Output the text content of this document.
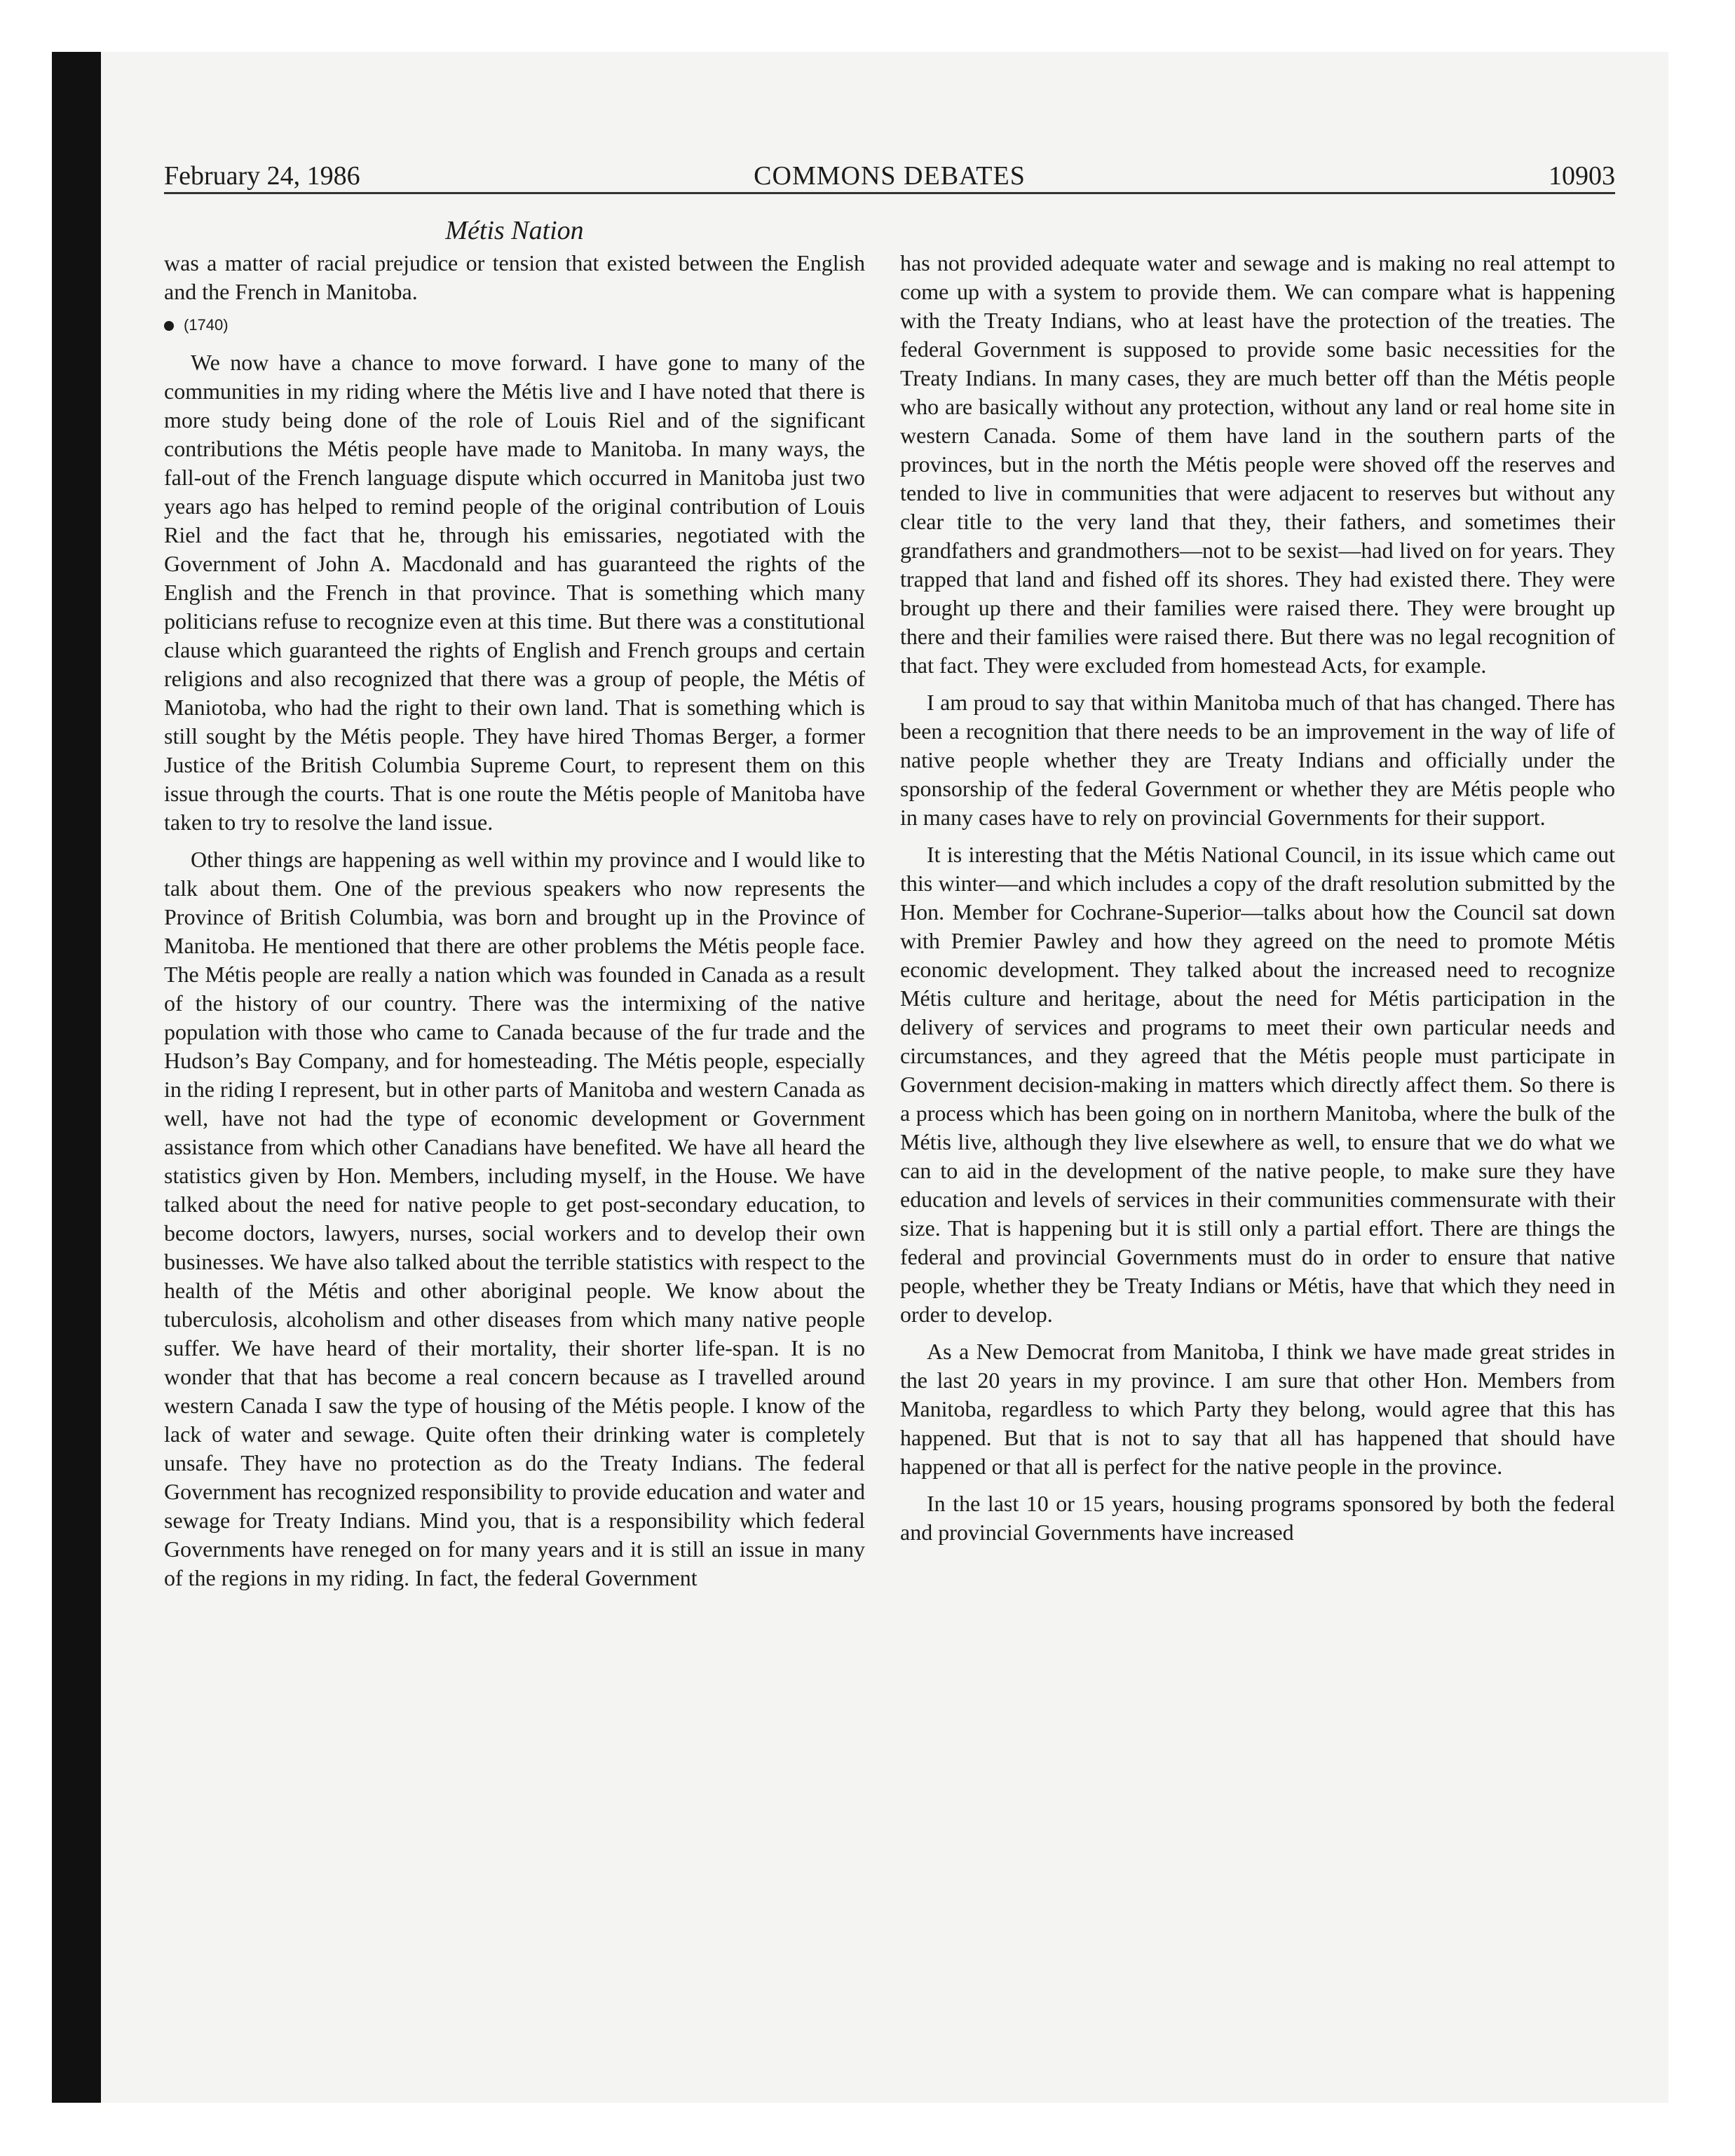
COMMONS DEBATES
February 24, 1986	10903
Métis Nation

was a matter of racial prejudice or tension that existed between the English and the French in Manitoba.

(1740)

We now have a chance to move forward. I have gone to many of the communities in my riding where the Métis live and I have noted that there is more study being done of the role of Louis Riel and of the significant contributions the Métis people have made to Manitoba. In many ways, the fall-out of the French language dispute which occurred in Manitoba just two years ago has helped to remind people of the original contribution of Louis Riel and the fact that he, through his emissaries, negotiated with the Government of John A. Macdonald and has guaranteed the rights of the English and the French in that province. That is something which many politicians refuse to recognize even at this time. But there was a constitutional clause which guaranteed the rights of English and French groups and certain religions and also recognized that there was a group of people, the Métis of Maniotoba, who had the right to their own land. That is something which is still sought by the Métis people. They have hired Thomas Berger, a former Justice of the British Columbia Supreme Court, to represent them on this issue through the courts. That is one route the Métis people of Manitoba have taken to try to resolve the land issue.

Other things are happening as well within my province and I would like to talk about them. One of the previous speakers who now represents the Province of British Columbia, was born and brought up in the Province of Manitoba. He mentioned that there are other problems the Métis people face. The Métis people are really a nation which was founded in Canada as a result of the history of our country. There was the intermixing of the native population with those who came to Canada because of the fur trade and the Hudson’s Bay Company, and for homesteading. The Métis people, especially in the riding I represent, but in other parts of Manitoba and western Canada as well, have not had the type of economic development or Government assistance from which other Canadians have benefited. We have all heard the statistics given by Hon. Members, including myself, in the House. We have talked about the need for native people to get post-secondary education, to become doctors, lawyers, nurses, social workers and to develop their own businesses. We have also talked about the terrible statistics with respect to the health of the Métis and other aboriginal people. We know about the tuberculosis, alcoholism and other diseases from which many native people suffer. We have heard of their mortality, their shorter life-span. It is no wonder that that has become a real concern because as I travelled around western Canada I saw the type of housing of the Métis people. I know of the lack of water and sewage. Quite often their drinking water is completely unsafe. They have no protection as do the Treaty Indians. The federal Government has recognized responsibility to provide education and water and sewage for Treaty Indians. Mind you, that is a responsibility which federal Governments have reneged on for many years and it is still an issue in many of the regions in my riding. In fact, the federal Government

has not provided adequate water and sewage and is making no real attempt to come up with a system to provide them. We can compare what is happening with the Treaty Indians, who at least have the protection of the treaties. The federal Government is supposed to provide some basic necessities for the Treaty Indians. In many cases, they are much better off than the Métis people who are basically without any protection, without any land or real home site in western Canada. Some of them have land in the southern parts of the provinces, but in the north the Métis people were shoved off the reserves and tended to live in communities that were adjacent to reserves but without any clear title to the very land that they, their fathers, and sometimes their grandfathers and grandmothers—not to be sexist—had lived on for years. They trapped that land and fished off its shores. They had existed there. They were brought up there and their families were raised there. They were brought up there and their families were raised there. But there was no legal recognition of that fact. They were excluded from homestead Acts, for example.

I am proud to say that within Manitoba much of that has changed. There has been a recognition that there needs to be an improvement in the way of life of native people whether they are Treaty Indians and officially under the sponsorship of the federal Government or whether they are Métis people who in many cases have to rely on provincial Governments for their support.

It is interesting that the Métis National Council, in its issue which came out this winter—and which includes a copy of the draft resolution submitted by the Hon. Member for Cochrane-Superior—talks about how the Council sat down with Premier Pawley and how they agreed on the need to promote Métis economic development. They talked about the increased need to recognize Métis culture and heritage, about the need for Métis participation in the delivery of services and programs to meet their own particular needs and circumstances, and they agreed that the Métis people must participate in Government decision-making in matters which directly affect them. So there is a process which has been going on in northern Manitoba, where the bulk of the Métis live, although they live elsewhere as well, to ensure that we do what we can to aid in the development of the native people, to make sure they have education and levels of services in their communities commensurate with their size. That is happening but it is still only a partial effort. There are things the federal and provincial Governments must do in order to ensure that native people, whether they be Treaty Indians or Métis, have that which they need in order to develop.

As a New Democrat from Manitoba, I think we have made great strides in the last 20 years in my province. I am sure that other Hon. Members from Manitoba, regardless to which Party they belong, would agree that this has happened. But that is not to say that all has happened that should have happened or that all is perfect for the native people in the province.

In the last 10 or 15 years, housing programs sponsored by both the federal and provincial Governments have increased
